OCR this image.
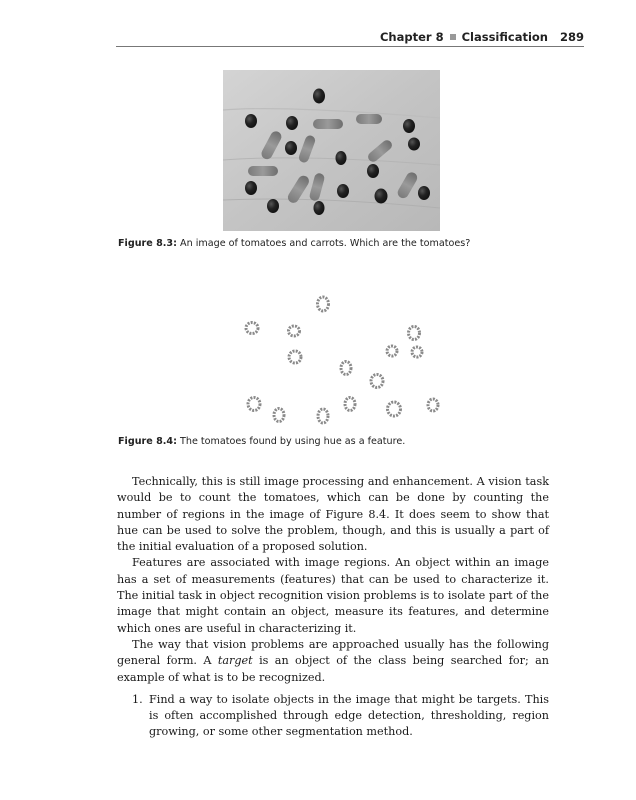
Chapter 8 Classification 289
Figure 8.3: An image of tomatoes and carrots. Which are the tomatoes?
Figure 8.4: The tomatoes found by using hue as a feature.

Technically, this is still image processing and enhancement. A vision task would be to count the tomatoes, which can be done by counting the number of regions in the image of Figure 8.4. It does seem to show that hue can be used to solve the problem, though, and this is usually a part of the initial evaluation of a proposed solution.

Features are associated with image regions. An object within an image has a set of measurements (features) that can be used to characterize it. The initial task in object recognition vision problems is to isolate part of the image that might contain an object, measure its features, and determine which ones are useful in characterizing it.

The way that vision problems are approached usually has the following general form. A target is an object of the class being searched for; an example of what is to be recognized.

1. Find a way to isolate objects in the image that might be targets. This is often accomplished through edge detection, thresholding, region growing, or some other segmentation method.
